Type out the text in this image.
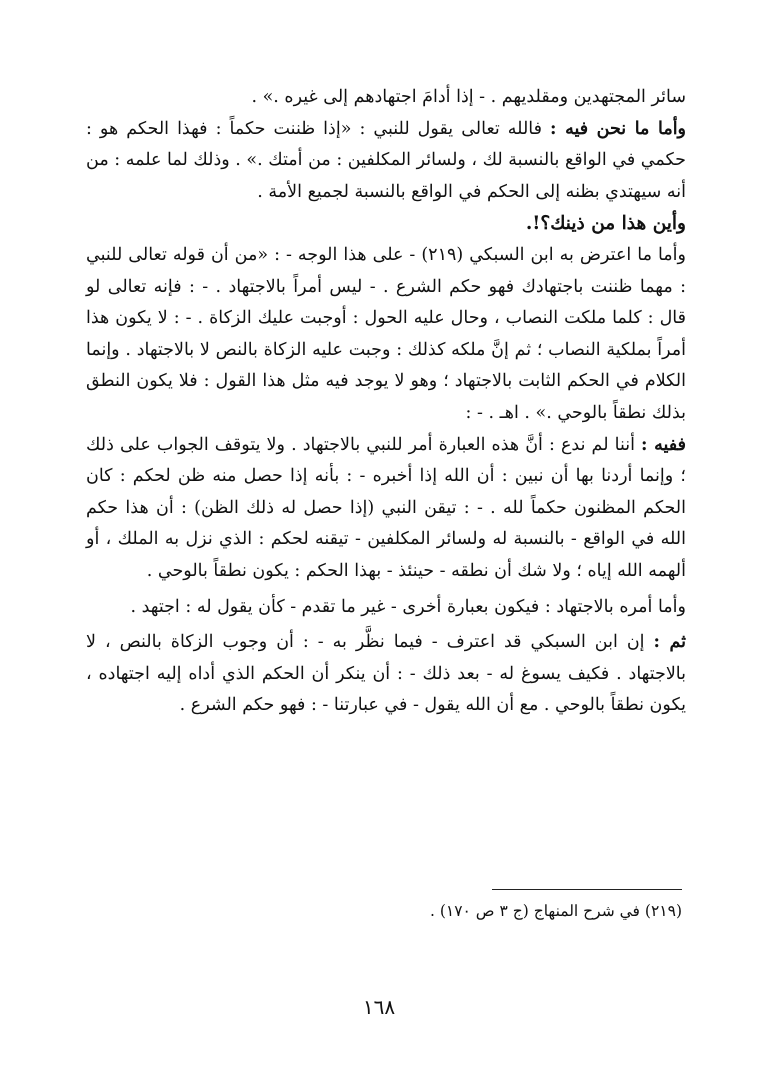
سائر المجتهدين ومقلديهم . - إذا أدامَ اجتهادهم إلى غيره .» .

وأما ما نحن فيه : فالله تعالى يقول للنبي : «إذا ظننت حكماً : فهذا الحكم هو : حكمي في الواقع بالنسبة لك ، ولسائر المكلفين : من أمتك .» . وذلك لما علمه : من أنه سيهتدي بظنه إلى الحكم في الواقع بالنسبة لجميع الأمة .

وأين هذا من ذينك؟!.

وأما ما اعترض به ابن السبكي (٢١٩) - على هذا الوجه - : «من أن قوله تعالى للنبي : مهما ظننت باجتهادك فهو حكم الشرع . - ليس أمراً بالاجتهاد . - : فإنه تعالى لو قال : كلما ملكت النصاب ، وحال عليه الحول : أوجبت عليك الزكاة . - : لا يكون هذا أمراً بملكية النصاب ؛ ثم إنَّ ملكه كذلك : وجبت عليه الزكاة بالنص لا بالاجتهاد . وإنما الكلام في الحكم الثابت بالاجتهاد ؛ وهو لا يوجد فيه مثل هذا القول : فلا يكون النطق بذلك نطقاً بالوحي .» . اهـ . - :

ففيه : أننا لم ندع : أنَّ هذه العبارة أمر للنبي بالاجتهاد . ولا يتوقف الجواب على ذلك ؛ وإنما أردنا بها أن نبين : أن الله إذا أخبره - : بأنه إذا حصل منه ظن لحكم : كان الحكم المظنون حكماً لله . - : تيقن النبي (إذا حصل له ذلك الظن) : أن هذا حكم الله في الواقع - بالنسبة له ولسائر المكلفين - تيقنه لحكم : الذي نزل به الملك ، أو ألهمه الله إياه ؛ ولا شك أن نطقه - حينئذ - بهذا الحكم : يكون نطقاً بالوحي .

وأما أمره بالاجتهاد : فيكون بعبارة أخرى - غير ما تقدم - كأن يقول له : اجتهد .

ثم : إن ابن السبكي قد اعترف - فيما نظَّر به - : أن وجوب الزكاة بالنص ، لا بالاجتهاد . فكيف يسوغ له - بعد ذلك - : أن ينكر أن الحكم الذي أداه إليه اجتهاده ، يكون نطقاً بالوحي . مع أن الله يقول - في عبارتنا - : فهو حكم الشرع .

(٢١٩) في شرح المنهاج (ج ٣ ص ١٧٠) .
١٦٨
